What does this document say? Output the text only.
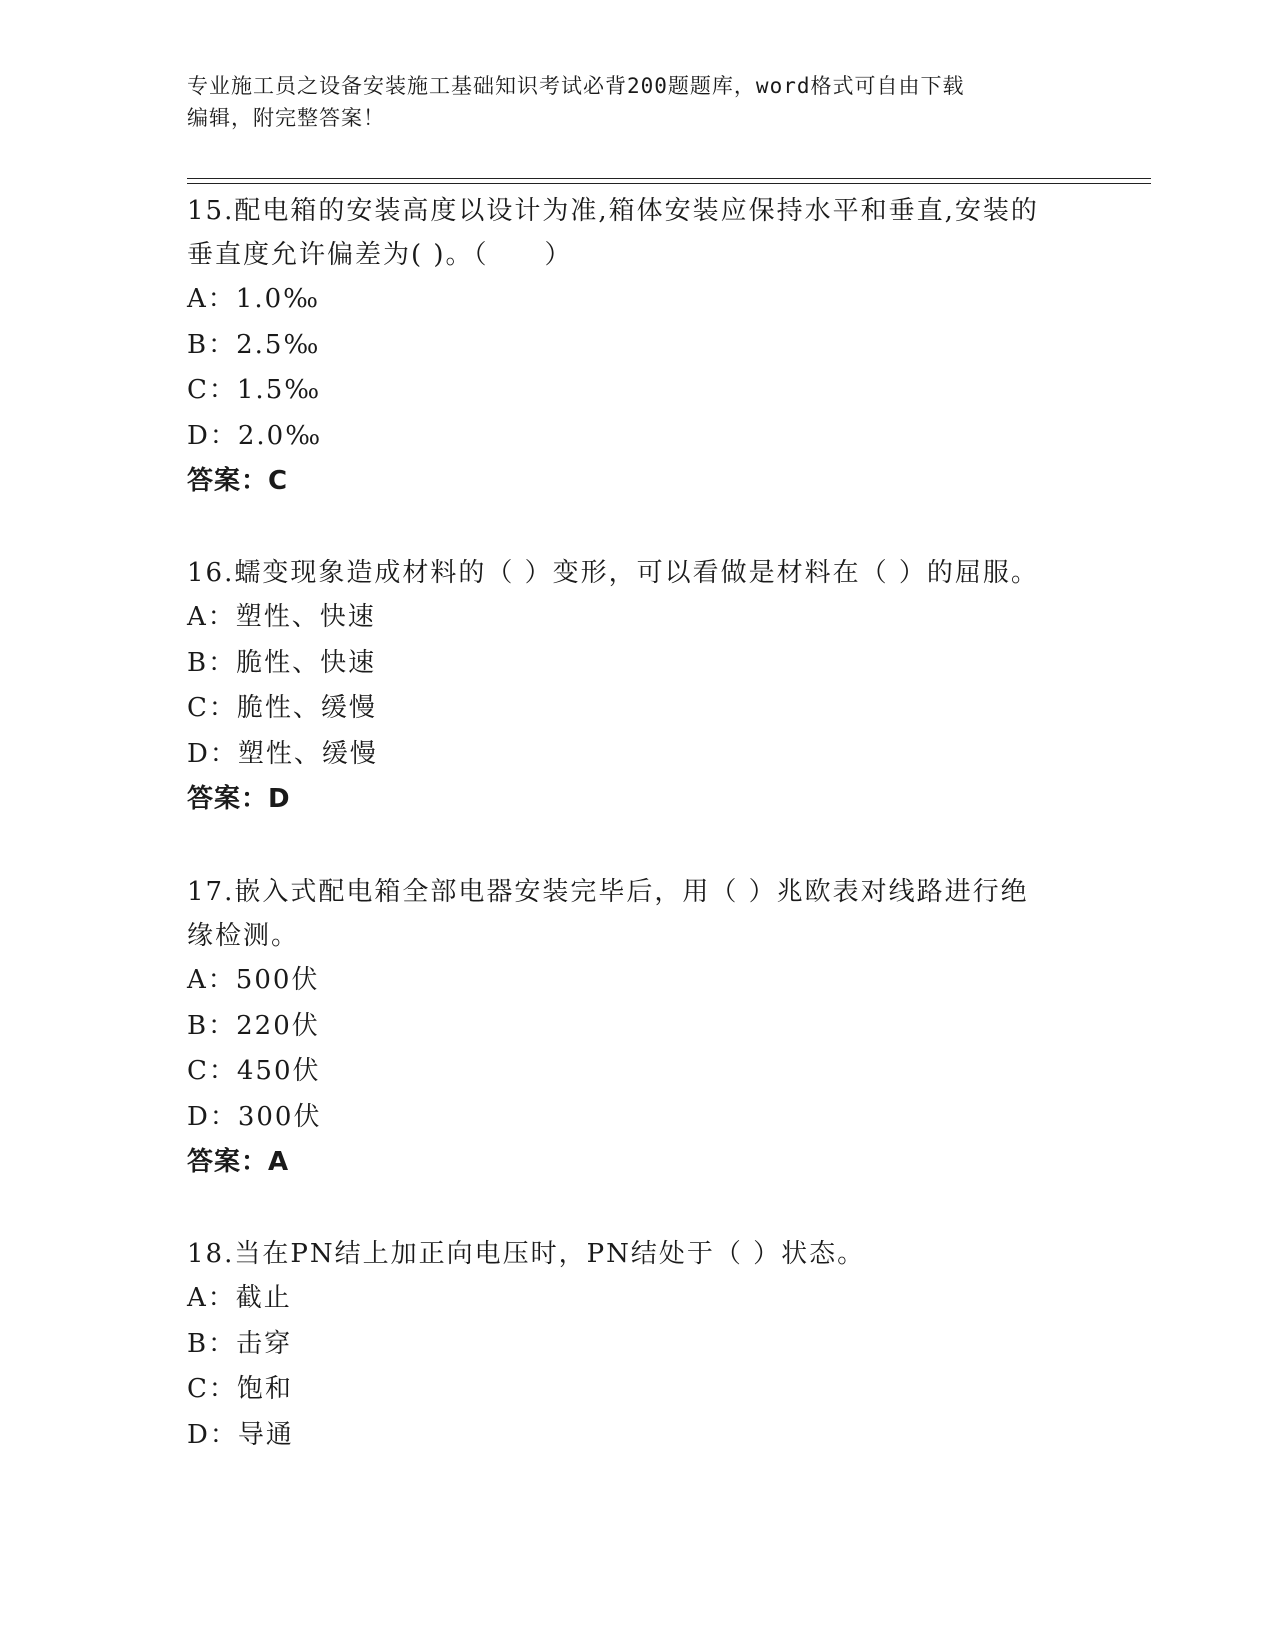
专业施工员之设备安装施工基础知识考试必背200题题库，word格式可自由下载
编辑，附完整答案！
15.配电箱的安装高度以设计为准,箱体安装应保持水平和垂直,安装的
垂直度允许偏差为( )。（　　）
A：1.0‰
B：2.5‰
C：1.5‰
D：2.0‰
答案：C
16.蠕变现象造成材料的（ ）变形，可以看做是材料在（ ）的屈服。
A：塑性、快速
B：脆性、快速
C：脆性、缓慢
D：塑性、缓慢
答案：D
17.嵌入式配电箱全部电器安装完毕后，用（ ）兆欧表对线路进行绝
缘检测。
A：500伏
B：220伏
C：450伏
D：300伏
答案：A
18.当在PN结上加正向电压时，PN结处于（ ）状态。
A：截止
B：击穿
C：饱和
D：导通
